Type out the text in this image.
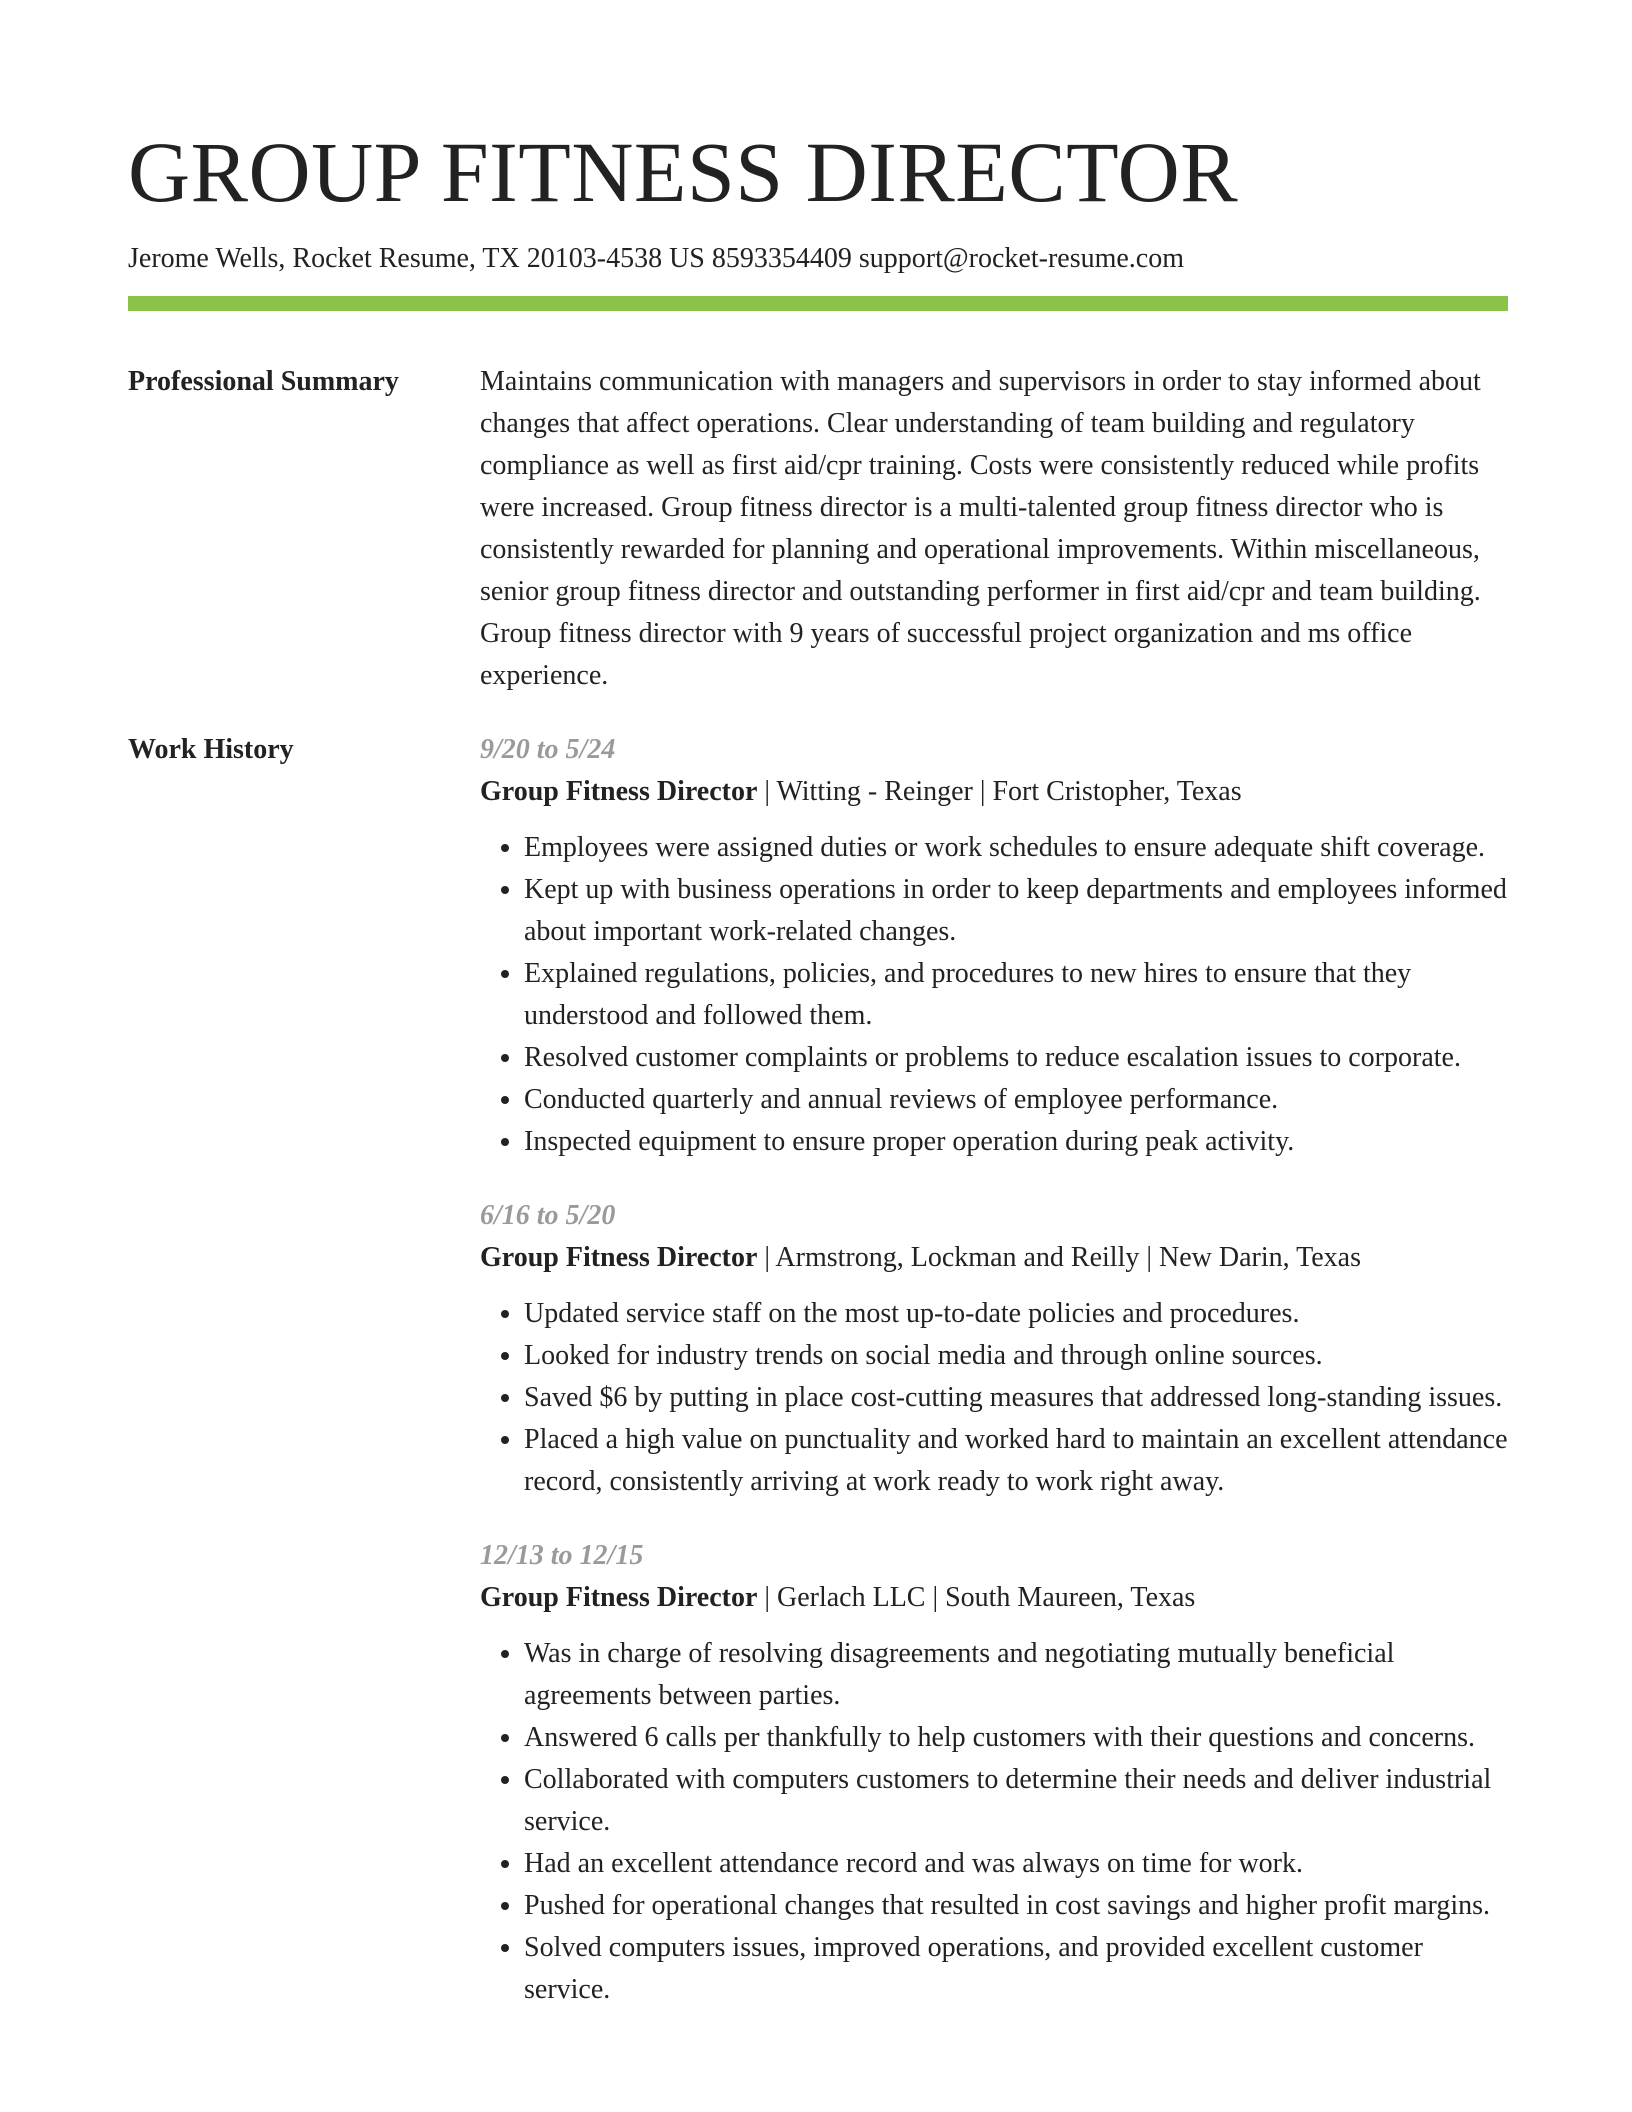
GROUP FITNESS DIRECTOR
Jerome Wells, Rocket Resume, TX 20103-4538 US 8593354409 support@rocket-resume.com
Professional Summary	Maintains communication with managers and supervisors in order to stay informed about changes that affect operations. Clear understanding of team building and regulatory compliance as well as first aid/cpr training. Costs were consistently reduced while profits were increased. Group fitness director is a multi-talented group fitness director who is consistently rewarded for planning and operational improvements. Within miscellaneous, senior group fitness director and outstanding performer in first aid/cpr and team building. Group fitness director with 9 years of successful project organization and ms office experience.

Work History	9/20 to 5/24
Group Fitness Director | Witting - Reinger | Fort Cristopher, Texas
• Employees were assigned duties or work schedules to ensure adequate shift coverage.
• Kept up with business operations in order to keep departments and employees informed about important work-related changes.
• Explained regulations, policies, and procedures to new hires to ensure that they understood and followed them.
• Resolved customer complaints or problems to reduce escalation issues to corporate.
• Conducted quarterly and annual reviews of employee performance.
• Inspected equipment to ensure proper operation during peak activity.
6/16 to 5/20
Group Fitness Director | Armstrong, Lockman and Reilly | New Darin, Texas
• Updated service staff on the most up-to-date policies and procedures.
• Looked for industry trends on social media and through online sources.
• Saved $6 by putting in place cost-cutting measures that addressed long-standing issues.
• Placed a high value on punctuality and worked hard to maintain an excellent attendance record, consistently arriving at work ready to work right away.
12/13 to 12/15
Group Fitness Director | Gerlach LLC | South Maureen, Texas
• Was in charge of resolving disagreements and negotiating mutually beneficial agreements between parties.
• Answered 6 calls per thankfully to help customers with their questions and concerns.
• Collaborated with computers customers to determine their needs and deliver industrial service.
• Had an excellent attendance record and was always on time for work.
• Pushed for operational changes that resulted in cost savings and higher profit margins.
• Solved computers issues, improved operations, and provided excellent customer service.
